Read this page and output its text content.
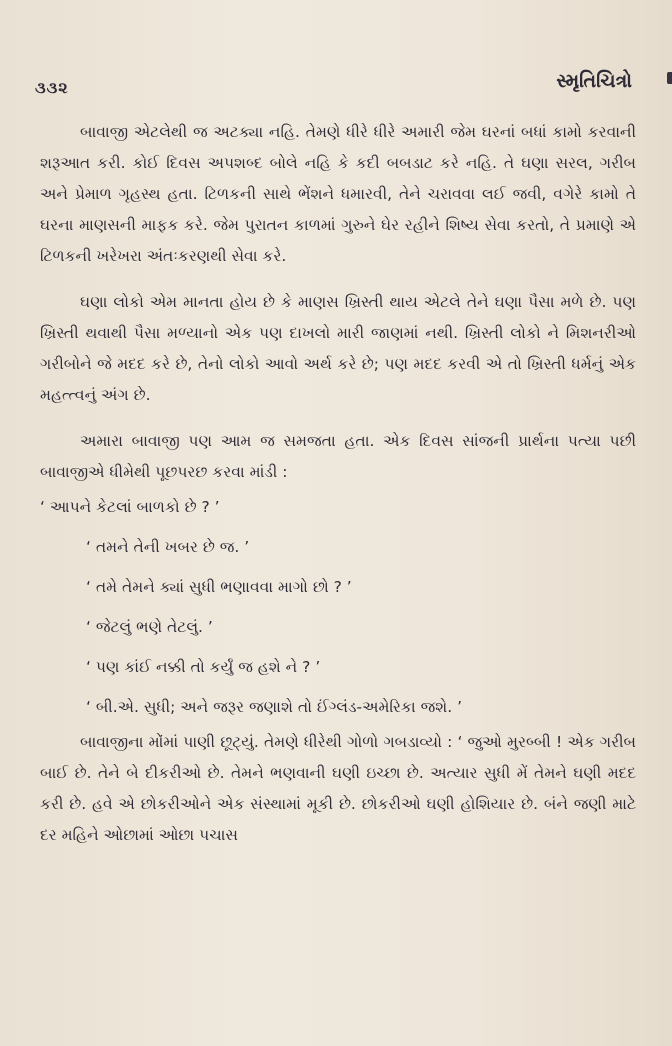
૩૩૨	સ્મૃતિચિત્રો

બાવાજી એટલેથી જ અટક્યા નહિ. તેમણે ધીરે ધીરે અમારી જેમ ઘરનાં બધાં કામો કરવાની શરૂઆત કરી. કોઈ દિવસ અપશબ્દ બોલે નહિ કે કદી બબડાટ કરે નહિ. તે ઘણા સરલ, ગરીબ અને પ્રેમાળ ગૃહસ્થ હતા. ટિળકની સાથે ભેંશને ધમારવી, તેને ચરાવવા લઈ જવી, વગેરે કામો તે ઘરના માણસની માફક કરે. જેમ પુરાતન કાળમાં ગુરુને ઘેર રહીને શિષ્ય સેવા કરતો, તે પ્રમાણે એ ટિળકની ખરેખરા અંતઃકરણથી સેવા કરે.

ઘણા લોકો એમ માનતા હોય છે કે માણસ ખ્રિસ્તી થાય એટલે તેને ઘણા પૈસા મળે છે. પણ ખ્રિસ્તી થવાથી પૈસા મળ્યાનો એક પણ દાખલો મારી જાણમાં નથી. ખ્રિસ્તી લોકો ને મિશનરીઓ ગરીબોને જે મદદ કરે છે, તેનો લોકો આવો અર્થ કરે છે; પણ મદદ કરવી એ તો ખ્રિસ્તી ધર્મનું એક મહત્ત્વનું અંગ છે.

અમારા બાવાજી પણ આમ જ સમજતા હતા. એક દિવસ સાંજની પ્રાર્થના પત્યા પછી બાવાજીએ ધીમેથી પૂછપરછ કરવા માંડી :

‘ આપને કેટલાં બાળકો છે ? ’
‘ તમને તેની ખબર છે જ. ’
‘ તમે તેમને ક્યાં સુધી ભણાવવા માગો છો ? ’
‘ જેટલું ભણે તેટલું. ’
‘ પણ કાંઈ નક્કી તો કર્યું જ હશે ને ? ’
‘ બી.એ. સુધી; અને જરૂર જણાશે તો ઈંગ્લંડ-અમેરિકા જશે. ’

બાવાજીના મોંમાં પાણી છૂટ્યું. તેમણે ધીરેથી ગોળો ગબડાવ્યો : ‘ જુઓ મુરબ્બી ! એક ગરીબ બાઈ છે. તેને બે દીકરીઓ છે. તેમને ભણવાની ઘણી ઇચ્છા છે. અત્યાર સુધી મેં તેમને ઘણી મદદ કરી છે. હવે એ છોકરીઓને એક સંસ્થામાં મૂકી છે. છોકરીઓ ઘણી હોશિયાર છે. બંને જણી માટે દર મહિને ઓછામાં ઓછા પચાસ
